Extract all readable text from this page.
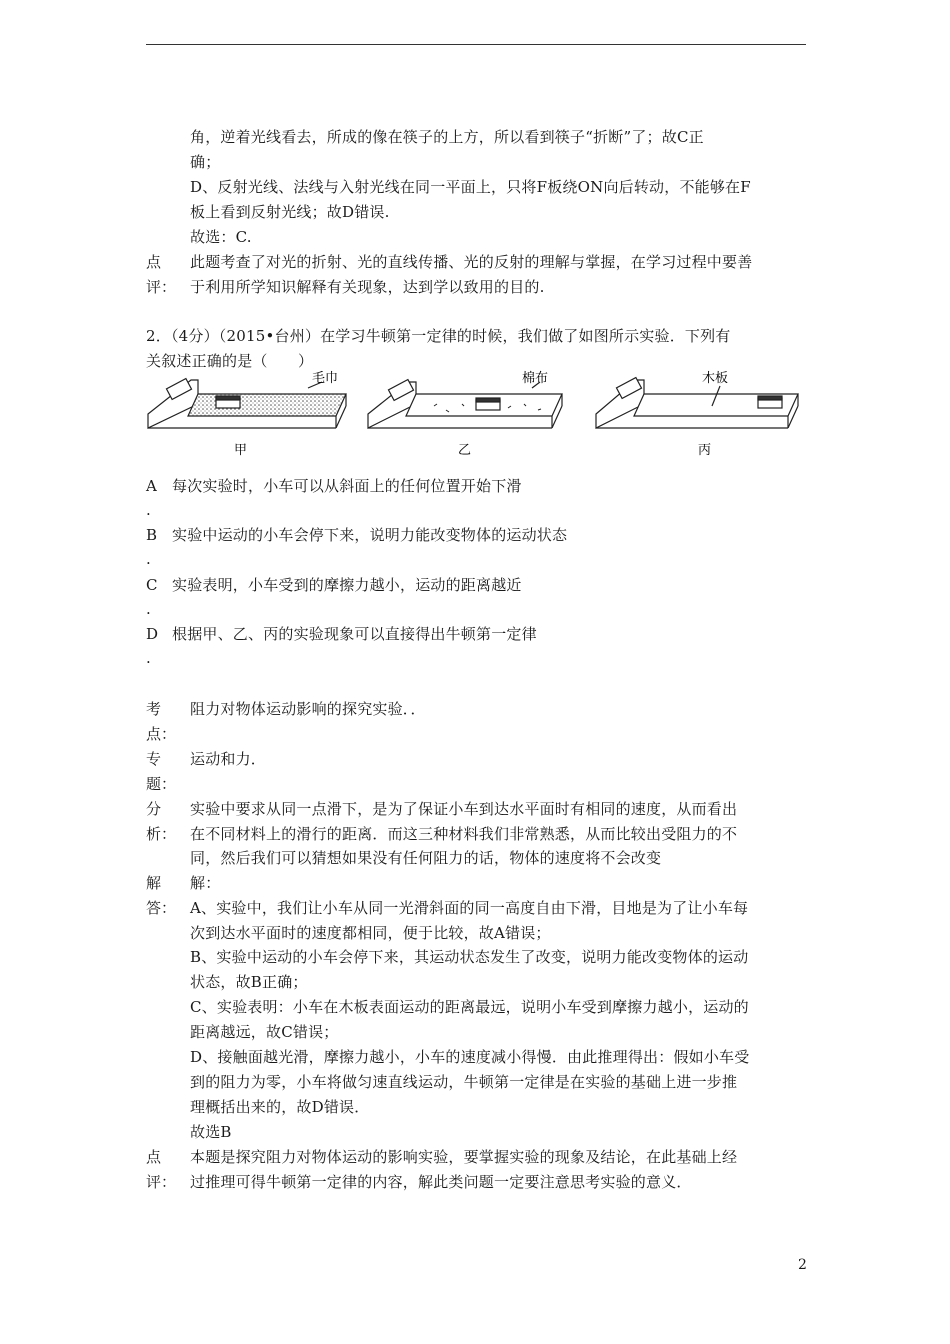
角，逆着光线看去，所成的像在筷子的上方，所以看到筷子“折断”了；故C正
确；
D、反射光线、法线与入射光线在同一平面上，只将F板绕ON向后转动，不能够在F
板上看到反射光线；故D错误.
故选：C.
点
评：
此题考查了对光的折射、光的直线传播、光的反射的理解与掌握，在学习过程中要善
于利用所学知识解释有关现象，达到学以致用的目的.
2．（4分）（2015•台州）在学习牛顿第一定律的时候，我们做了如图所示实验．下列有
关叙述正确的是（　　）
毛巾	棉布	木板
甲	乙	丙
A 每次实验时，小车可以从斜面上的任何位置开始下滑
.
B 实验中运动的小车会停下来，说明力能改变物体的运动状态
.
C 实验表明，小车受到的摩擦力越小，运动的距离越近
.
D 根据甲、乙、丙的实验现象可以直接得出牛顿第一定律
.
考
点：
阻力对物体运动影响的探究实验．．
专
题：
运动和力．
分
析：
实验中要求从同一点滑下，是为了保证小车到达水平面时有相同的速度，从而看出
在不同材料上的滑行的距离．而这三种材料我们非常熟悉，从而比较出受阻力的不
同，然后我们可以猜想如果没有任何阻力的话，物体的速度将不会改变
解
答：
解：
A、实验中，我们让小车从同一光滑斜面的同一高度自由下滑，目地是为了让小车每
次到达水平面时的速度都相同，便于比较，故A错误；
B、实验中运动的小车会停下来，其运动状态发生了改变，说明力能改变物体的运动
状态，故B正确；
C、实验表明：小车在木板表面运动的距离最远，说明小车受到摩擦力越小，运动的
距离越远，故C错误；
D、接触面越光滑，摩擦力越小，小车的速度减小得慢．由此推理得出：假如小车受
到的阻力为零，小车将做匀速直线运动，牛顿第一定律是在实验的基础上进一步推
理概括出来的，故D错误．
故选B
点
评：
本题是探究阻力对物体运动的影响实验，要掌握实验的现象及结论，在此基础上经
过推理可得牛顿第一定律的内容，解此类问题一定要注意思考实验的意义．
2
